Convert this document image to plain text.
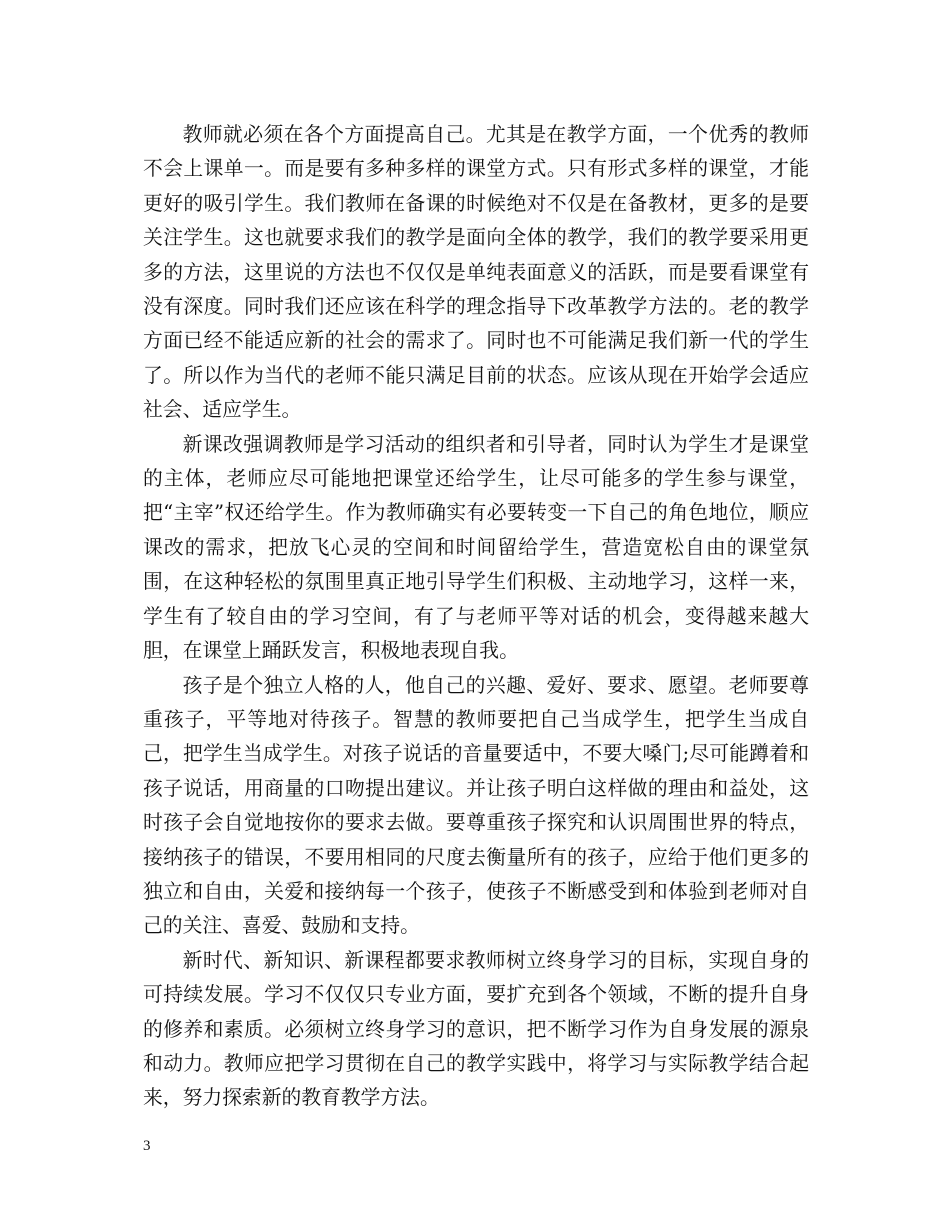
教师就必须在各个方面提高自己。尤其是在教学方面，一个优秀的教师不会上课单一。而是要有多种多样的课堂方式。只有形式多样的课堂，才能更好的吸引学生。我们教师在备课的时候绝对不仅是在备教材，更多的是要关注学生。这也就要求我们的教学是面向全体的教学，我们的教学要采用更多的方法，这里说的方法也不仅仅是单纯表面意义的活跃，而是要看课堂有没有深度。同时我们还应该在科学的理念指导下改革教学方法的。老的教学方面已经不能适应新的社会的需求了。同时也不可能满足我们新一代的学生了。所以作为当代的老师不能只满足目前的状态。应该从现在开始学会适应社会、适应学生。

新课改强调教师是学习活动的组织者和引导者，同时认为学生才是课堂的主体，老师应尽可能地把课堂还给学生，让尽可能多的学生参与课堂，把“主宰”权还给学生。作为教师确实有必要转变一下自己的角色地位，顺应课改的需求，把放飞心灵的空间和时间留给学生，营造宽松自由的课堂氛围，在这种轻松的氛围里真正地引导学生们积极、主动地学习，这样一来，学生有了较自由的学习空间，有了与老师平等对话的机会，变得越来越大胆，在课堂上踊跃发言，积极地表现自我。

孩子是个独立人格的人，他自己的兴趣、爱好、要求、愿望。老师要尊重孩子，平等地对待孩子。智慧的教师要把自己当成学生，把学生当成自己，把学生当成学生。对孩子说话的音量要适中，不要大嗓门;尽可能蹲着和孩子说话，用商量的口吻提出建议。并让孩子明白这样做的理由和益处，这时孩子会自觉地按你的要求去做。要尊重孩子探究和认识周围世界的特点，接纳孩子的错误，不要用相同的尺度去衡量所有的孩子，应给于他们更多的独立和自由，关爱和接纳每一个孩子，使孩子不断感受到和体验到老师对自己的关注、喜爱、鼓励和支持。

新时代、新知识、新课程都要求教师树立终身学习的目标，实现自身的可持续发展。学习不仅仅只专业方面，要扩充到各个领域，不断的提升自身的修养和素质。必须树立终身学习的意识，把不断学习作为自身发展的源泉和动力。教师应把学习贯彻在自己的教学实践中，将学习与实际教学结合起来，努力探索新的教育教学方法。

3
